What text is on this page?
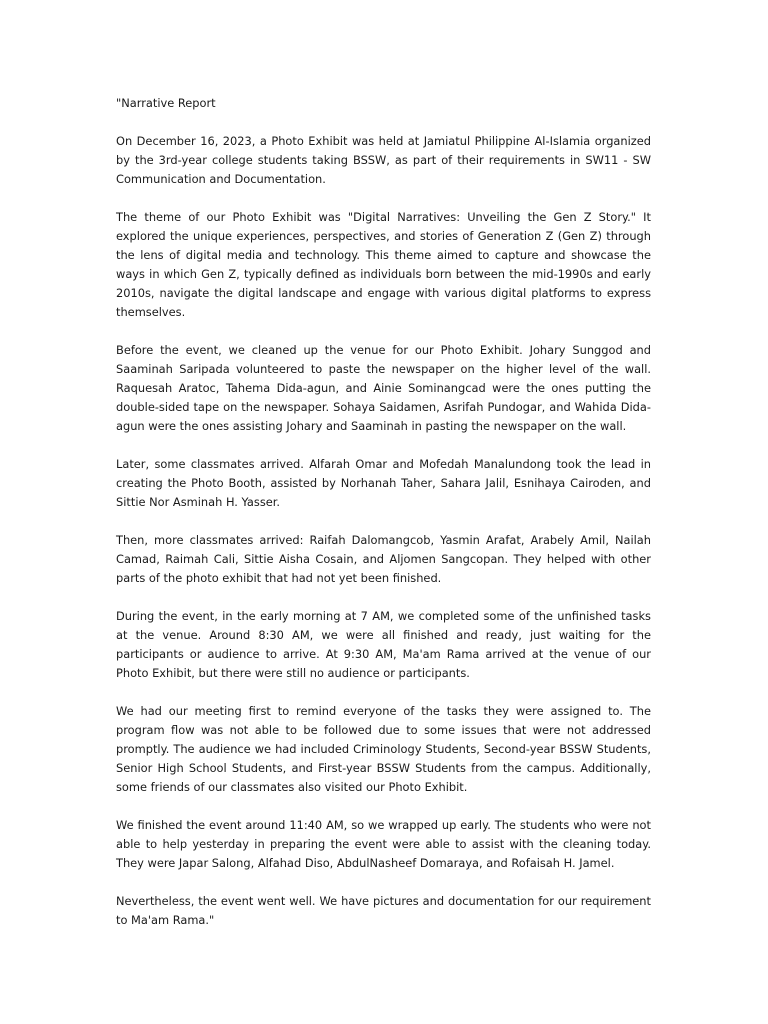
"Narrative Report

On December 16, 2023, a Photo Exhibit was held at Jamiatul Philippine Al-Islamia organized by the 3rd-year college students taking BSSW, as part of their requirements in SW11 - SW Communication and Documentation.

The theme of our Photo Exhibit was "Digital Narratives: Unveiling the Gen Z Story." It explored the unique experiences, perspectives, and stories of Generation Z (Gen Z) through the lens of digital media and technology. This theme aimed to capture and showcase the ways in which Gen Z, typically defined as individuals born between the mid-1990s and early 2010s, navigate the digital landscape and engage with various digital platforms to express themselves.

Before the event, we cleaned up the venue for our Photo Exhibit. Johary Sunggod and Saaminah Saripada volunteered to paste the newspaper on the higher level of the wall. Raquesah Aratoc, Tahema Dida-agun, and Ainie Sominangcad were the ones putting the double-sided tape on the newspaper. Sohaya Saidamen, Asrifah Pundogar, and Wahida Dida-agun were the ones assisting Johary and Saaminah in pasting the newspaper on the wall.

Later, some classmates arrived. Alfarah Omar and Mofedah Manalundong took the lead in creating the Photo Booth, assisted by Norhanah Taher, Sahara Jalil, Esnihaya Cairoden, and Sittie Nor Asminah H. Yasser.

Then, more classmates arrived: Raifah Dalomangcob, Yasmin Arafat, Arabely Amil, Nailah Camad, Raimah Cali, Sittie Aisha Cosain, and Aljomen Sangcopan. They helped with other parts of the photo exhibit that had not yet been finished.

During the event, in the early morning at 7 AM, we completed some of the unfinished tasks at the venue. Around 8:30 AM, we were all finished and ready, just waiting for the participants or audience to arrive. At 9:30 AM, Ma'am Rama arrived at the venue of our Photo Exhibit, but there were still no audience or participants.

We had our meeting first to remind everyone of the tasks they were assigned to. The program flow was not able to be followed due to some issues that were not addressed promptly. The audience we had included Criminology Students, Second-year BSSW Students, Senior High School Students, and First-year BSSW Students from the campus. Additionally, some friends of our classmates also visited our Photo Exhibit.

We finished the event around 11:40 AM, so we wrapped up early. The students who were not able to help yesterday in preparing the event were able to assist with the cleaning today. They were Japar Salong, Alfahad Diso, AbdulNasheef Domaraya, and Rofaisah H. Jamel.

Nevertheless, the event went well. We have pictures and documentation for our requirement to Ma'am Rama."
